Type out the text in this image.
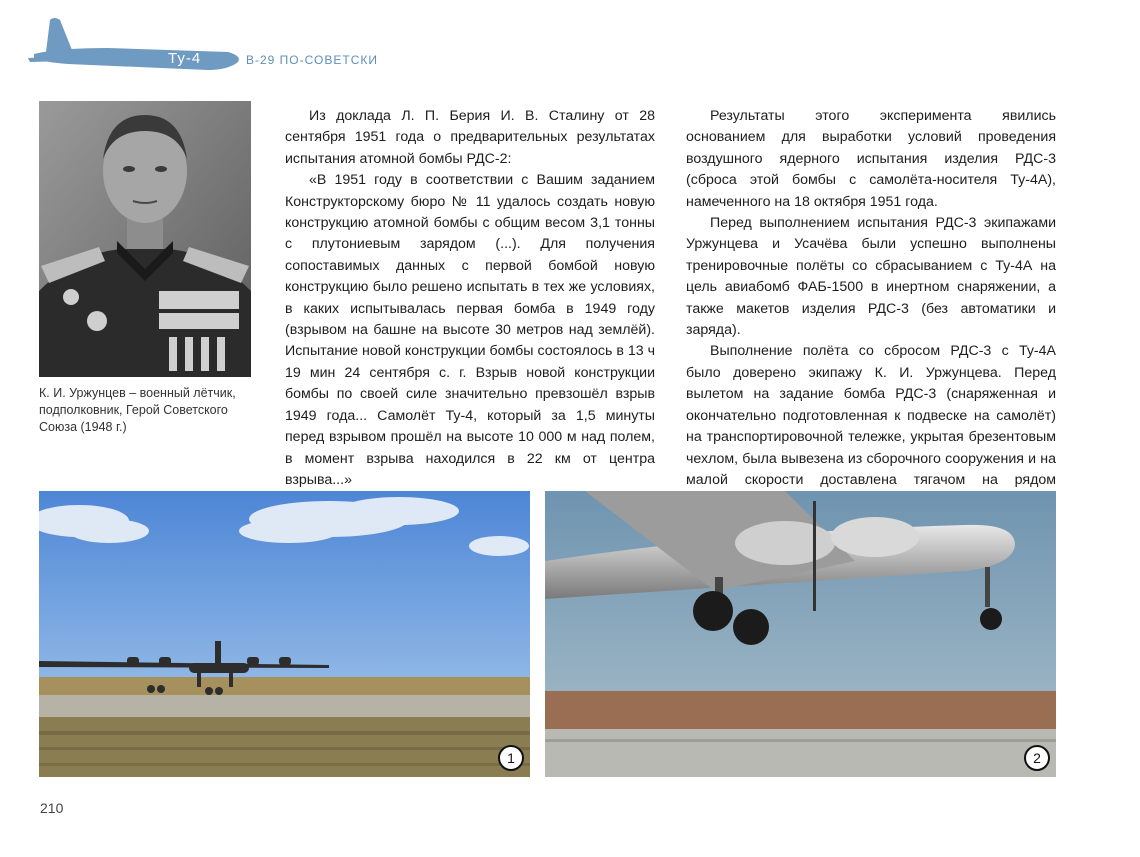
Ту-4	B-29 ПО-СОВЕТСКИ
К. И. Уржунцев – военный лётчик, подполковник, Герой Советского Союза (1948 г.)

Из доклада Л. П. Берия И. В. Сталину от 28 сентября 1951 года о предварительных результатах испытания атомной бомбы РДС-2:

«В 1951 году в соответствии с Вашим заданием Конструкторскому бюро № 11 удалось создать новую конструкцию атомной бомбы с общим весом 3,1 тонны с плутониевым зарядом (...). Для получения сопоставимых данных с первой бомбой новую конструкцию было решено испытать в тех же условиях, в каких испытывалась первая бомба в 1949 году (взрывом на башне на высоте 30 метров над землёй). Испытание новой конструкции бомбы состоялось в 13 ч 19 мин 24 сентября с. г. Взрыв новой конструкции бомбы по своей силе значительно превзошёл взрыв 1949 года... Самолёт Ту-4, который за 1,5 минуты перед взрывом прошёл на высоте 10 000 м над полем, в момент взрыва находился в 22 км от центра взрыва...»

Результаты этого эксперимента явились основанием для выработки условий проведения воздушного ядерного испытания изделия РДС-3 (сброса этой бомбы с самолёта-носителя Ту-4А), намеченного на 18 октября 1951 года.

Перед выполнением испытания РДС-3 экипажами Уржунцева и Усачёва были успешно выполнены тренировочные полёты со сбрасыванием с Ту-4А на цель авиабомб ФАБ-1500 в инертном снаряжении, а также макетов изделия РДС-3 (без автоматики и заряда).

Выполнение полёта со сбросом РДС-3 с Ту-4А было доверено экипажу К. И. Уржунцева. Перед вылетом на задание бомба РДС-3 (снаряженная и окончательно подготовленная к подвеске на самолёт) на транспортировочной тележке, укрытая брезентовым чехлом, была вывезена из сборочного сооружения и на малой скорости доставлена тягачом на рядом

1	2
210
